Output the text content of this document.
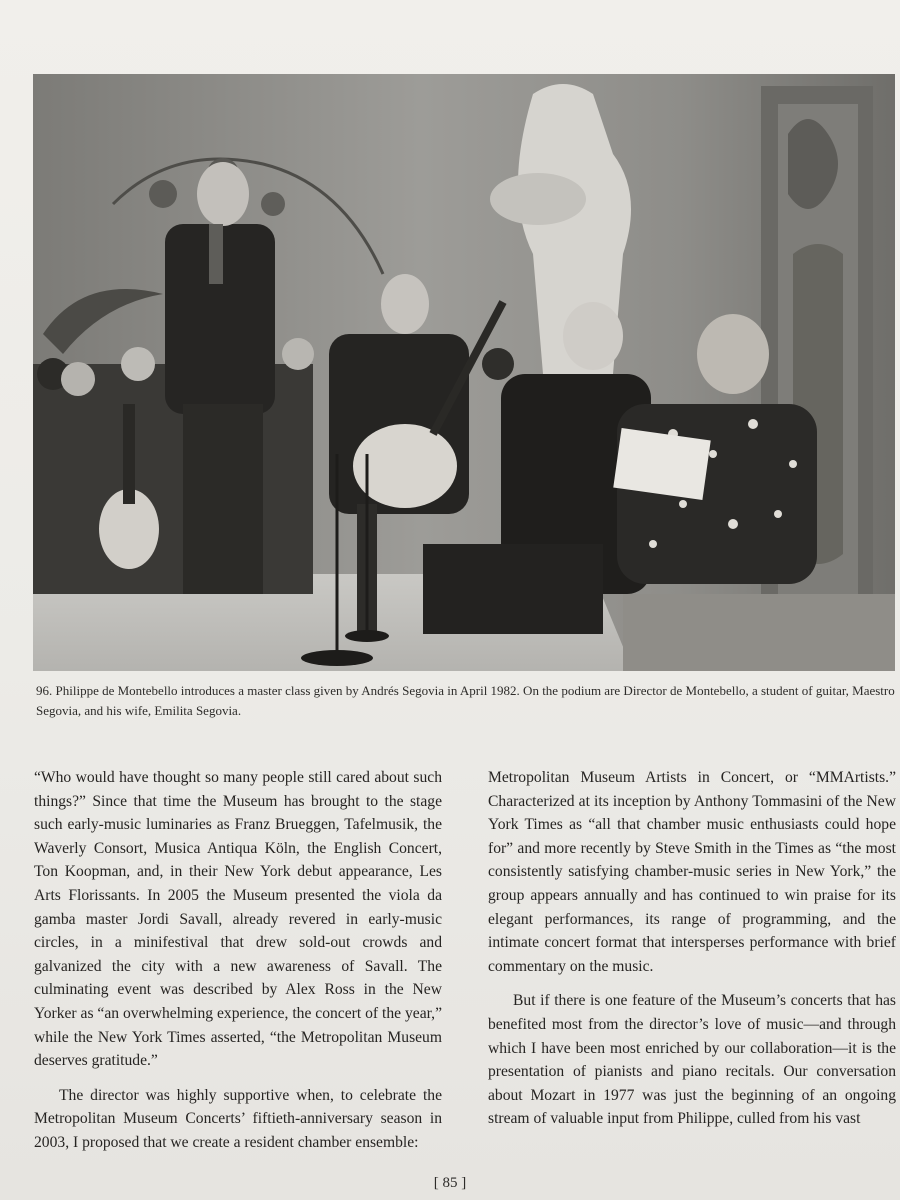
96. Philippe de Montebello introduces a master class given by Andrés Segovia in April 1982. On the podium are Director de Montebello, a student of guitar, Maestro Segovia, and his wife, Emilita Segovia.

“Who would have thought so many people still cared about such things?” Since that time the Museum has brought to the stage such early-music luminaries as Franz Brueggen, Tafelmusik, the Waverly Consort, Musica Antiqua Köln, the English Concert, Ton Koopman, and, in their New York debut appearance, Les Arts Florissants. In 2005 the Museum presented the viola da gamba master Jordi Savall, already revered in early-music circles, in a minifestival that drew sold-out crowds and galvanized the city with a new awareness of Savall. The culminating event was described by Alex Ross in the New Yorker as “an overwhelming experience, the concert of the year,” while the New York Times asserted, “the Metropolitan Museum deserves gratitude.”

The director was highly supportive when, to celebrate the Metropolitan Museum Concerts’ fiftieth-anniversary season in 2003, I proposed that we create a resident chamber ensemble:

Metropolitan Museum Artists in Concert, or “MMArtists.” Characterized at its inception by Anthony Tommasini of the New York Times as “all that chamber music enthusiasts could hope for” and more recently by Steve Smith in the Times as “the most consistently satisfying chamber-music series in New York,” the group appears annually and has continued to win praise for its elegant performances, its range of programming, and the intimate concert format that intersperses performance with brief commentary on the music.

But if there is one feature of the Museum’s concerts that has benefited most from the director’s love of music—and through which I have been most enriched by our collaboration—it is the presentation of pianists and piano recitals. Our conversation about Mozart in 1977 was just the beginning of an ongoing stream of valuable input from Philippe, culled from his vast

[ 85 ]
